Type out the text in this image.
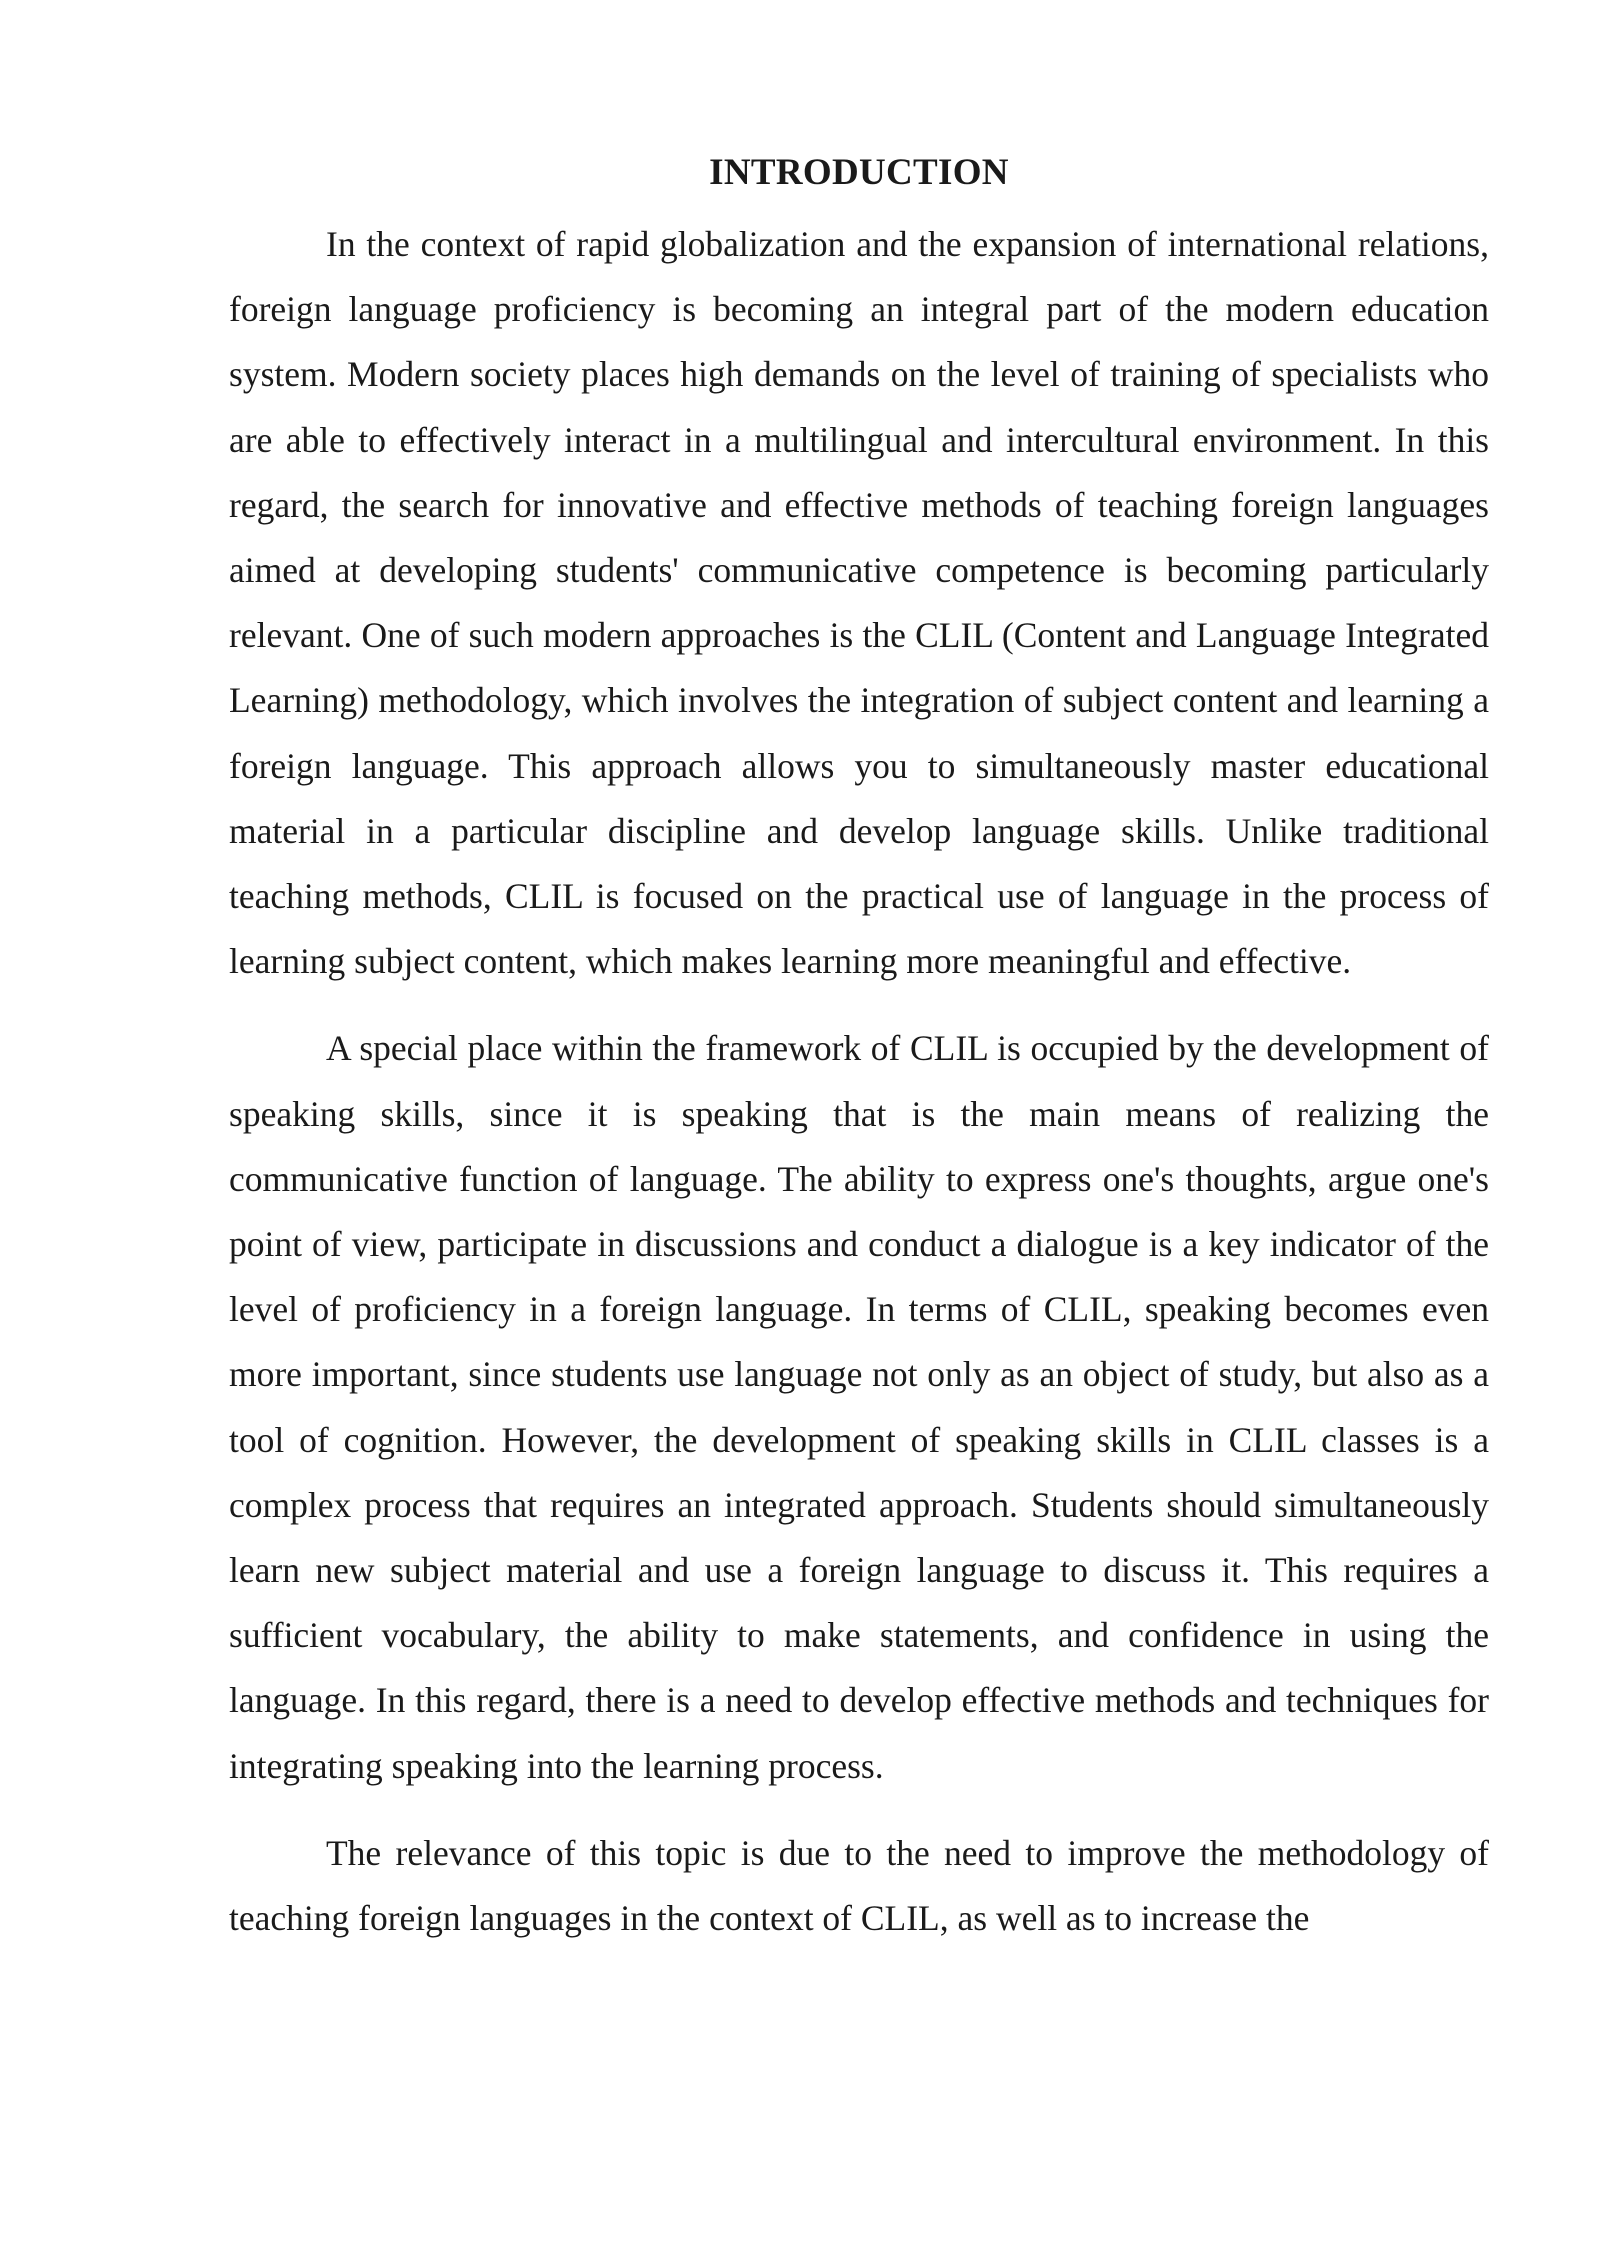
INTRODUCTION

In the context of rapid globalization and the expansion of international relations, foreign language proficiency is becoming an integral part of the modern education system. Modern society places high demands on the level of training of specialists who are able to effectively interact in a multilingual and intercultural environment. In this regard, the search for innovative and effective methods of teaching foreign languages aimed at developing students' communicative competence is becoming particularly relevant. One of such modern approaches is the CLIL (Content and Language Integrated Learning) methodology, which involves the integration of subject content and learning a foreign language. This approach allows you to simultaneously master educational material in a particular discipline and develop language skills. Unlike traditional teaching methods, CLIL is focused on the practical use of language in the process of learning subject content, which makes learning more meaningful and effective.

A special place within the framework of CLIL is occupied by the development of speaking skills, since it is speaking that is the main means of realizing the communicative function of language. The ability to express one's thoughts, argue one's point of view, participate in discussions and conduct a dialogue is a key indicator of the level of proficiency in a foreign language. In terms of CLIL, speaking becomes even more important, since students use language not only as an object of study, but also as a tool of cognition. However, the development of speaking skills in CLIL classes is a complex process that requires an integrated approach. Students should simultaneously learn new subject material and use a foreign language to discuss it. This requires a sufficient vocabulary, the ability to make statements, and confidence in using the language. In this regard, there is a need to develop effective methods and techniques for integrating speaking into the learning process.

The relevance of this topic is due to the need to improve the methodology of teaching foreign languages in the context of CLIL, as well as to increase the
